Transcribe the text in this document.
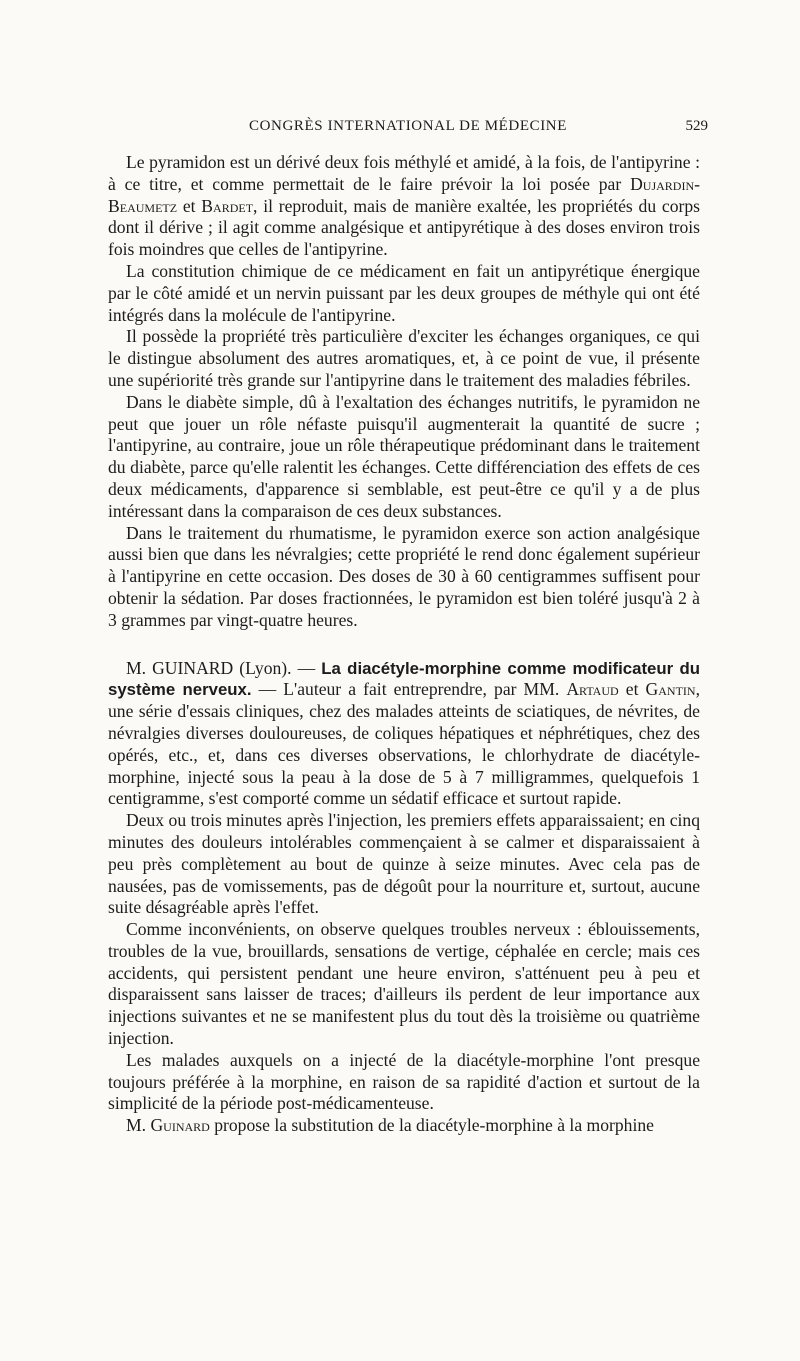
CONGRÈS INTERNATIONAL DE MÉDECINE	529

Le pyramidon est un dérivé deux fois méthylé et amidé, à la fois, de l'antipyrine : à ce titre, et comme permettait de le faire prévoir la loi posée par Dujardin-Beaumetz et Bardet, il reproduit, mais de manière exaltée, les propriétés du corps dont il dérive ; il agit comme analgésique et antipyrétique à des doses environ trois fois moindres que celles de l'antipyrine.

La constitution chimique de ce médicament en fait un antipyrétique énergique par le côté amidé et un nervin puissant par les deux groupes de méthyle qui ont été intégrés dans la molécule de l'antipyrine.

Il possède la propriété très particulière d'exciter les échanges organiques, ce qui le distingue absolument des autres aromatiques, et, à ce point de vue, il présente une supériorité très grande sur l'antipyrine dans le traitement des maladies fébriles.

Dans le diabète simple, dû à l'exaltation des échanges nutritifs, le pyramidon ne peut que jouer un rôle néfaste puisqu'il augmenterait la quantité de sucre ; l'antipyrine, au contraire, joue un rôle thérapeutique prédominant dans le traitement du diabète, parce qu'elle ralentit les échanges. Cette différenciation des effets de ces deux médicaments, d'apparence si semblable, est peut-être ce qu'il y a de plus intéressant dans la comparaison de ces deux substances.

Dans le traitement du rhumatisme, le pyramidon exerce son action analgésique aussi bien que dans les névralgies; cette propriété le rend donc également supérieur à l'antipyrine en cette occasion. Des doses de 30 à 60 centigrammes suffisent pour obtenir la sédation. Par doses fractionnées, le pyramidon est bien toléré jusqu'à 2 à 3 grammes par vingt-quatre heures.

M. GUINARD (Lyon). — La diacétyle-morphine comme modificateur du système nerveux. — L'auteur a fait entreprendre, par MM. Artaud et Gantin, une série d'essais cliniques, chez des malades atteints de sciatiques, de névrites, de névralgies diverses douloureuses, de coliques hépatiques et néphrétiques, chez des opérés, etc., et, dans ces diverses observations, le chlorhydrate de diacétyle-morphine, injecté sous la peau à la dose de 5 à 7 milligrammes, quelquefois 1 centigramme, s'est comporté comme un sédatif efficace et surtout rapide.

Deux ou trois minutes après l'injection, les premiers effets apparaissaient; en cinq minutes des douleurs intolérables commençaient à se calmer et disparaissaient à peu près complètement au bout de quinze à seize minutes. Avec cela pas de nausées, pas de vomissements, pas de dégoût pour la nourriture et, surtout, aucune suite désagréable après l'effet.

Comme inconvénients, on observe quelques troubles nerveux : éblouissements, troubles de la vue, brouillards, sensations de vertige, céphalée en cercle; mais ces accidents, qui persistent pendant une heure environ, s'atténuent peu à peu et disparaissent sans laisser de traces; d'ailleurs ils perdent de leur importance aux injections suivantes et ne se manifestent plus du tout dès la troisième ou quatrième injection.

Les malades auxquels on a injecté de la diacétyle-morphine l'ont presque toujours préférée à la morphine, en raison de sa rapidité d'action et surtout de la simplicité de la période post-médicamenteuse.

M. Guinard propose la substitution de la diacétyle-morphine à la morphine
